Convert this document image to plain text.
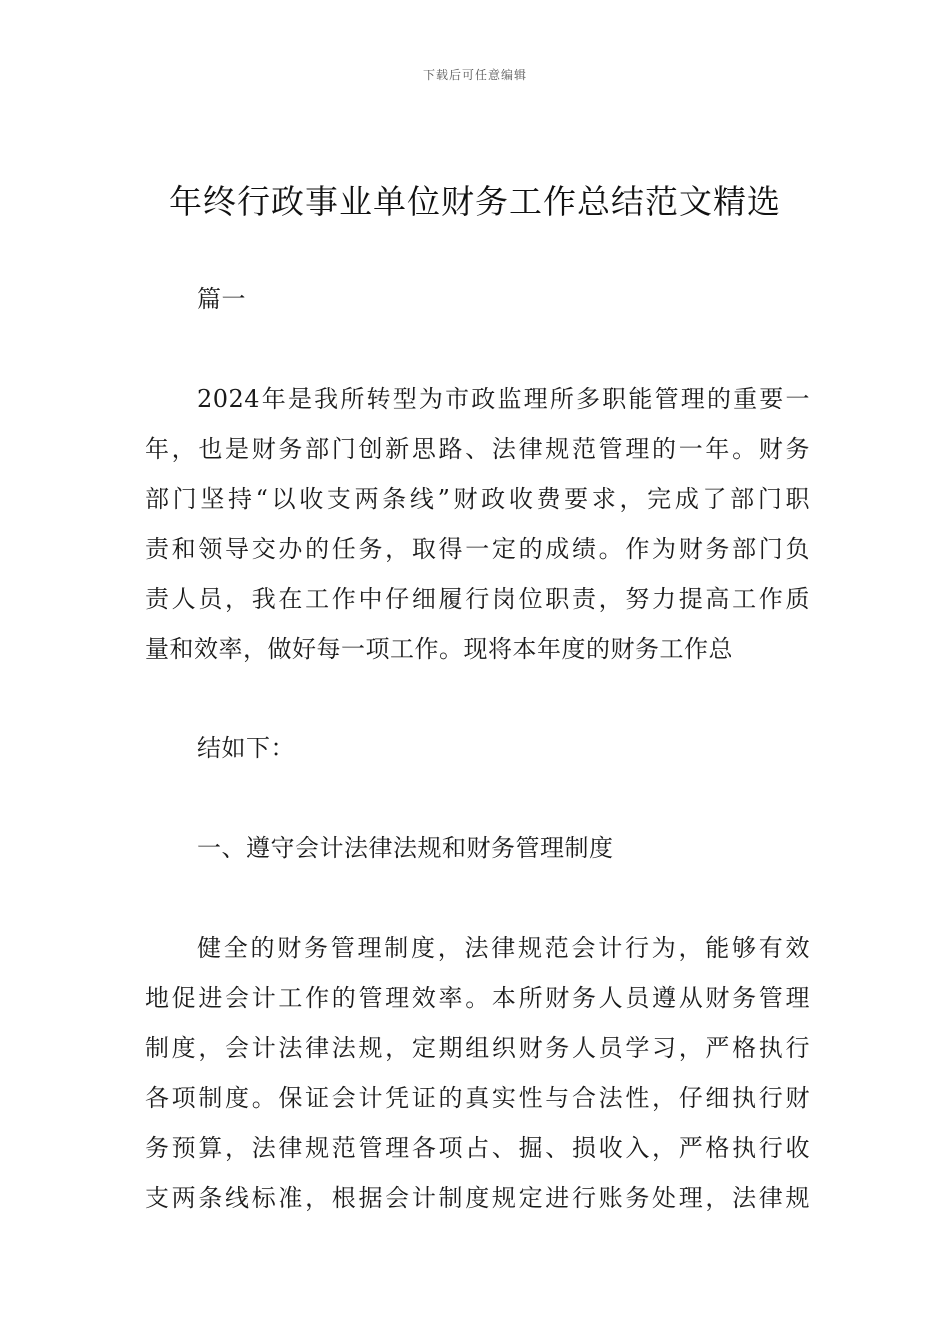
下载后可任意编辑
年终行政事业单位财务工作总结范文精选
篇一
2024年是我所转型为市政监理所多职能管理的重要一
年，也是财务部门创新思路、法律规范管理的一年。财务
部门坚持“以收支两条线”财政收费要求，完成了部门职
责和领导交办的任务，取得一定的成绩。作为财务部门负
责人员，我在工作中仔细履行岗位职责，努力提高工作质
量和效率，做好每一项工作。现将本年度的财务工作总
结如下：
一、遵守会计法律法规和财务管理制度
健全的财务管理制度，法律规范会计行为，能够有效
地促进会计工作的管理效率。本所财务人员遵从财务管理
制度，会计法律法规，定期组织财务人员学习，严格执行
各项制度。保证会计凭证的真实性与合法性，仔细执行财
务预算，法律规范管理各项占、掘、损收入，严格执行收
支两条线标准，根据会计制度规定进行账务处理，法律规
